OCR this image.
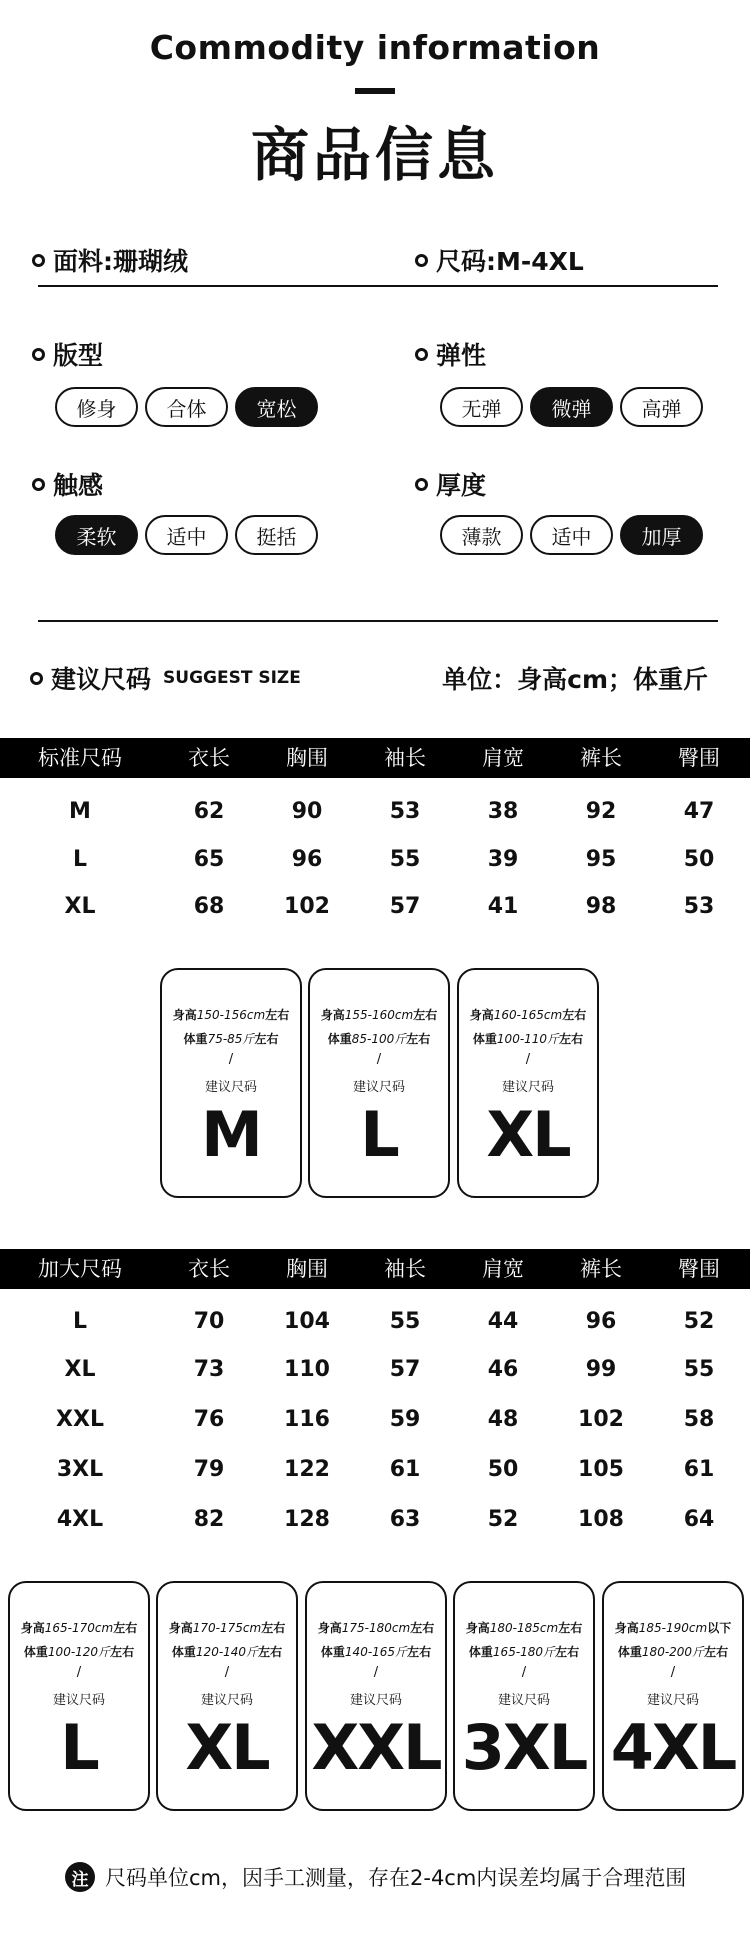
Commodity information
商品信息
面料:珊瑚绒	尺码:M-4XL
版型
修身	合体	宽松
弹性
无弹	微弹	高弹
触感
柔软	适中	挺括
厚度
薄款	适中	加厚
建议尺码 SUGGEST SIZE	单位：身高cm；体重斤
标准尺码	衣长	胸围	袖长	肩宽	裤长	臀围
M	62	90	53	38	92	47
L	65	96	55	39	95	50
XL	68	102	57	41	98	53
身高150-156cm左右
体重75-85斤左右
/
建议尺码
M
身高155-160cm左右
体重85-100斤左右
/
建议尺码
L
身高160-165cm左右
体重100-110斤左右
/
建议尺码
XL
加大尺码	衣长	胸围	袖长	肩宽	裤长	臀围
L	70	104	55	44	96	52
XL	73	110	57	46	99	55
XXL	76	116	59	48	102	58
3XL	79	122	61	50	105	61
4XL	82	128	63	52	108	64
身高165-170cm左右
体重100-120斤左右
/
建议尺码
L
身高170-175cm左右
体重120-140斤左右
/
建议尺码
XL
身高175-180cm左右
体重140-165斤左右
/
建议尺码
XXL
身高180-185cm左右
体重165-180斤左右
/
建议尺码
3XL
身高185-190cm以下
体重180-200斤左右
/
建议尺码
4XL
注 尺码单位cm，因手工测量，存在2-4cm内误差均属于合理范围
